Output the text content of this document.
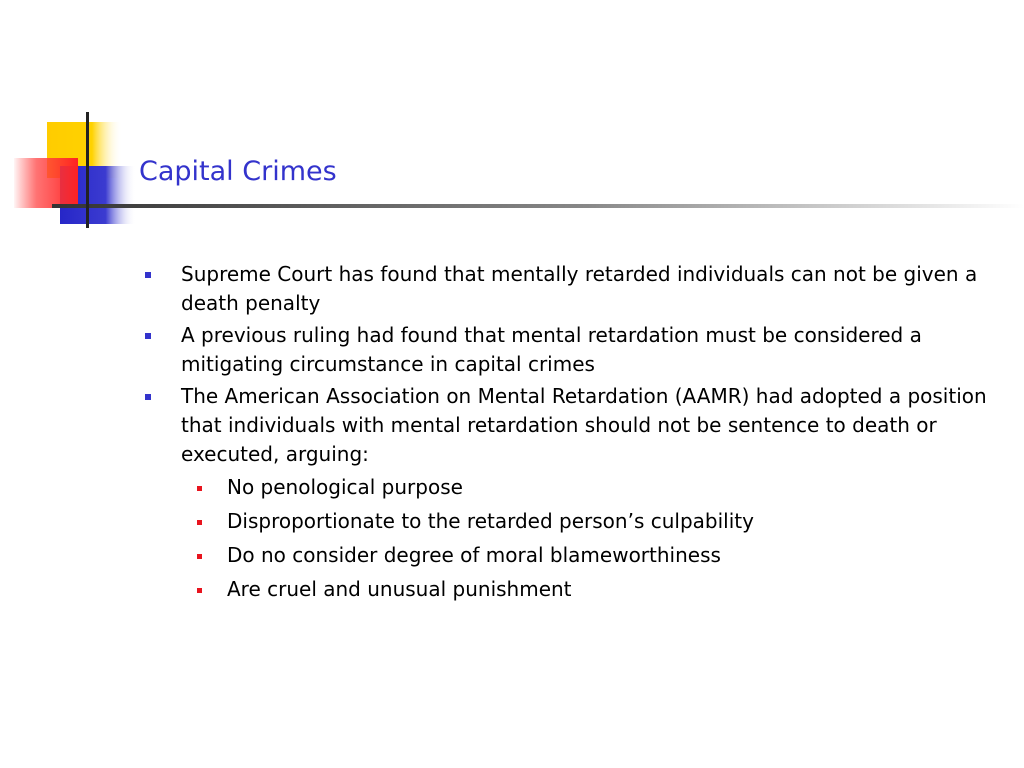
Capital Crimes
Supreme Court has found that mentally retarded individuals can not be given a death penalty
A previous ruling had found that mental retardation must be considered a mitigating circumstance in capital crimes
The American Association on Mental Retardation (AAMR) had adopted a position that individuals with mental retardation should not be sentence to death or executed, arguing:
No penological purpose
Disproportionate to the retarded person’s culpability
Do no consider degree of moral blameworthiness
Are cruel and unusual punishment
